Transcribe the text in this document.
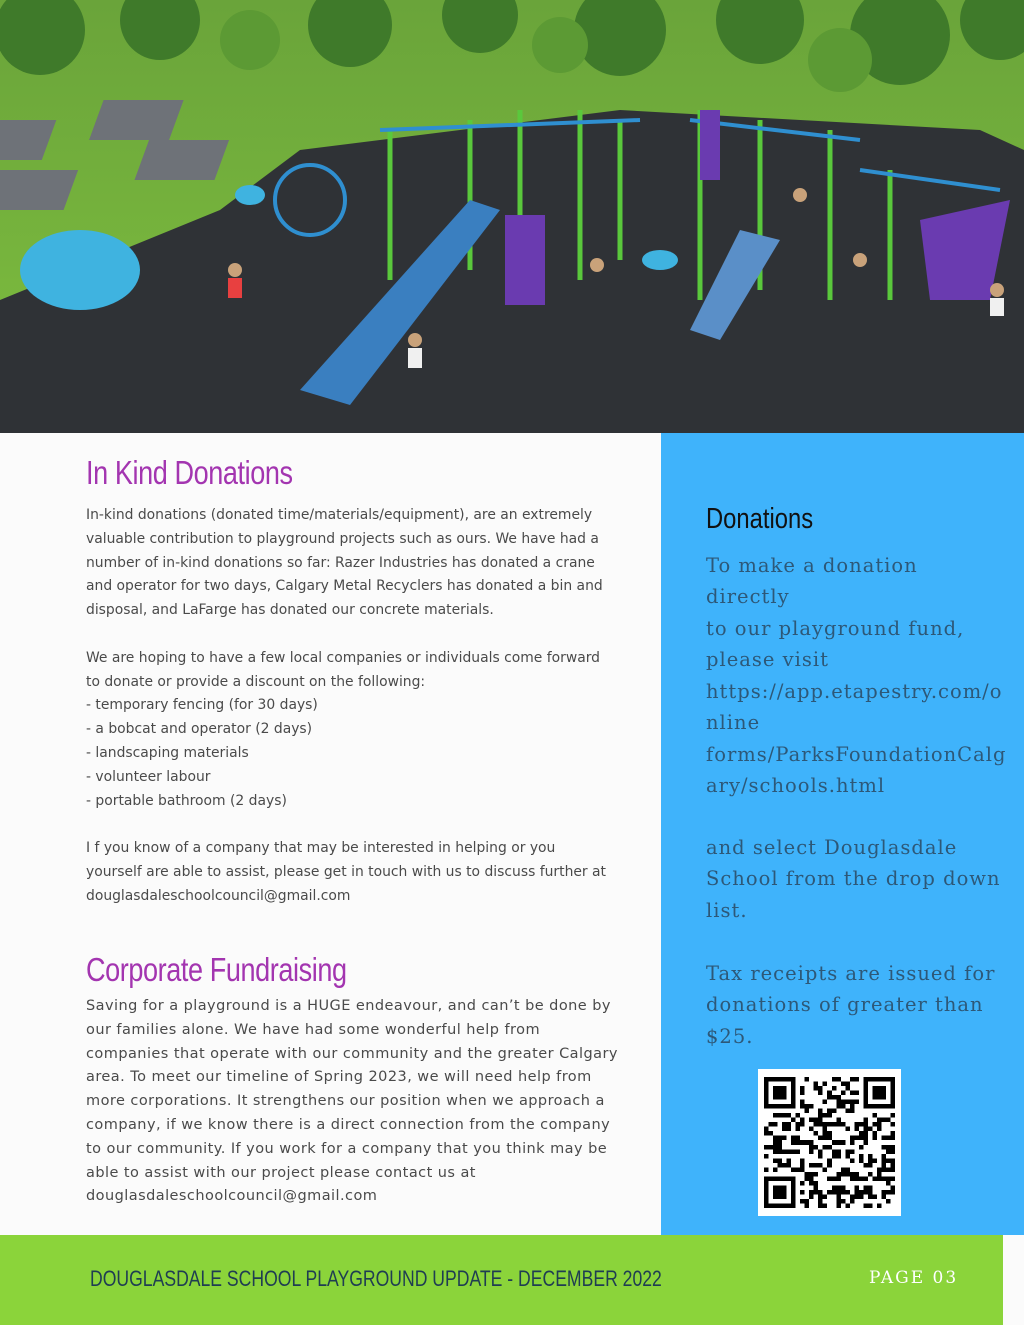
In Kind Donations
In-kind donations (donated time/materials/equipment), are an extremely
valuable contribution to playground projects such as ours. We have had a
number of in-kind donations so far: Razer Industries has donated a crane
and operator for two days, Calgary Metal Recyclers has donated a bin and
disposal, and LaFarge has donated our concrete materials.
We are hoping to have a few local companies or individuals come forward
to donate or provide a discount on the following:
- temporary fencing (for 30 days)
- a bobcat and operator (2 days)
- landscaping materials
- volunteer labour
- portable bathroom (2 days)
I f you know of a company that may be interested in helping or you
yourself are able to assist, please get in touch with us to discuss further at
douglasdaleschoolcouncil@gmail.com
Corporate Fundraising
Saving for a playground is a HUGE endeavour, and can’t be done by
our families alone. We have had some wonderful help from
companies that operate with our community and the greater Calgary
area. To meet our timeline of Spring 2023, we will need help from
more corporations. It strengthens our position when we approach a
company, if we know there is a direct connection from the company
to our community. If you work for a company that you think may be
able to assist with our project please contact us at
douglasdaleschoolcouncil@gmail.com
Donations
To make a donation directly
to our playground fund,
please visit
https://app.etapestry.com/o
nline
forms/ParksFoundationCalg
ary/schools.html
and select Douglasdale
School from the drop down
list.
Tax receipts are issued for
donations of greater than
$25.

DOUGLASDALE SCHOOL PLAYGROUND UPDATE - DECEMBER 2022	PAGE 03
